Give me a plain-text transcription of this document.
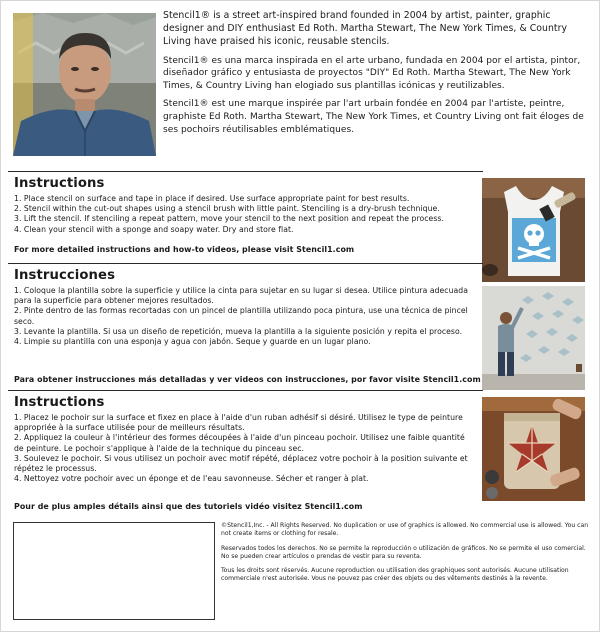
Stencil1® is a street art-inspired brand founded in 2004 by artist, painter, graphic designer and DIY enthusiast Ed Roth. Martha Stewart, The New York Times, & Country Living have praised his iconic, reusable stencils.

Stencil1® es una marca inspirada en el arte urbano, fundada en 2004 por el artista, pintor, diseñador gráfico y entusiasta de proyectos "DIY" Ed Roth. Martha Stewart, The New York Times, & Country Living han elogiado sus plantillas icónicas y reutilizables.

Stencil1® est une marque inspirée par l'art urbain fondée en 2004 par l'artiste, peintre, graphiste Ed Roth. Martha Stewart, The New York Times, et Country Living ont fait éloges de ses pochoirs réutilisables emblématiques.

Instructions
1. Place stencil on surface and tape in place if desired. Use surface appropriate paint for best results.
2. Stencil within the cut-out shapes using a stencil brush with little paint. Stenciling is a dry-brush technique.
3. Lift the stencil. If stenciling a repeat pattern, move your stencil to the next position and repeat the process.
4. Clean your stencil with a sponge and soapy water. Dry and store flat.
For more detailed instructions and how-to videos, please visit Stencil1.com
Instrucciones
1. Coloque la plantilla sobre la superficie y utilice la cinta para sujetar en su lugar si desea. Utilice pintura adecuada para la superficie para obtener mejores resultados.
2. Pinte dentro de las formas recortadas con un pincel de plantilla utilizando poca pintura, use una técnica de pincel seco.
3. Levante la plantilla. Si usa un diseño de repetición, mueva la plantilla a la siguiente posición y repita el proceso.
4. Limpie su plantilla con una esponja y agua con jabón. Seque y guarde en un lugar plano.
Para obtener instrucciones más detalladas y ver videos con instrucciones, por favor visite Stencil1.com
Instructions
1. Placez le pochoir sur la surface et fixez en place à l'aide d'un ruban adhésif si désiré. Utilisez le type de peinture appropriée à la surface utilisée pour de meilleurs résultats.
2. Appliquez la couleur à l'intérieur des formes découpées à l'aide d'un pinceau pochoir. Utilisez une faible quantité de peinture. Le pochoir s'applique à l'aide de la technique du pinceau sec.
3. Soulevez le pochoir. Si vous utilisez un pochoir avec motif répété, déplacez votre pochoir à la position suivante et répétez le processus.
4. Nettoyez votre pochoir avec un éponge et de l'eau savonneuse. Sécher et ranger à plat.
Pour de plus amples détails ainsi que des tutoriels vidéo visitez Stencil1.com

©Stencil1,Inc. - All Rights Reserved. No duplication or use of graphics is allowed. No commercial use is allowed. You can not create items or clothing for resale.

Reservados todos los derechos. No se permite la reproducción o utilización de gráficos. No se permite el uso comercial. No se pueden crear artículos o prendas de vestir para su reventa.

Tous les droits sont réservés. Aucune reproduction ou utilisation des graphiques sont autorisés. Aucune utilisation commerciale n'est autorisée. Vous ne pouvez pas créer des objets ou des vêtements destinés à la revente.
